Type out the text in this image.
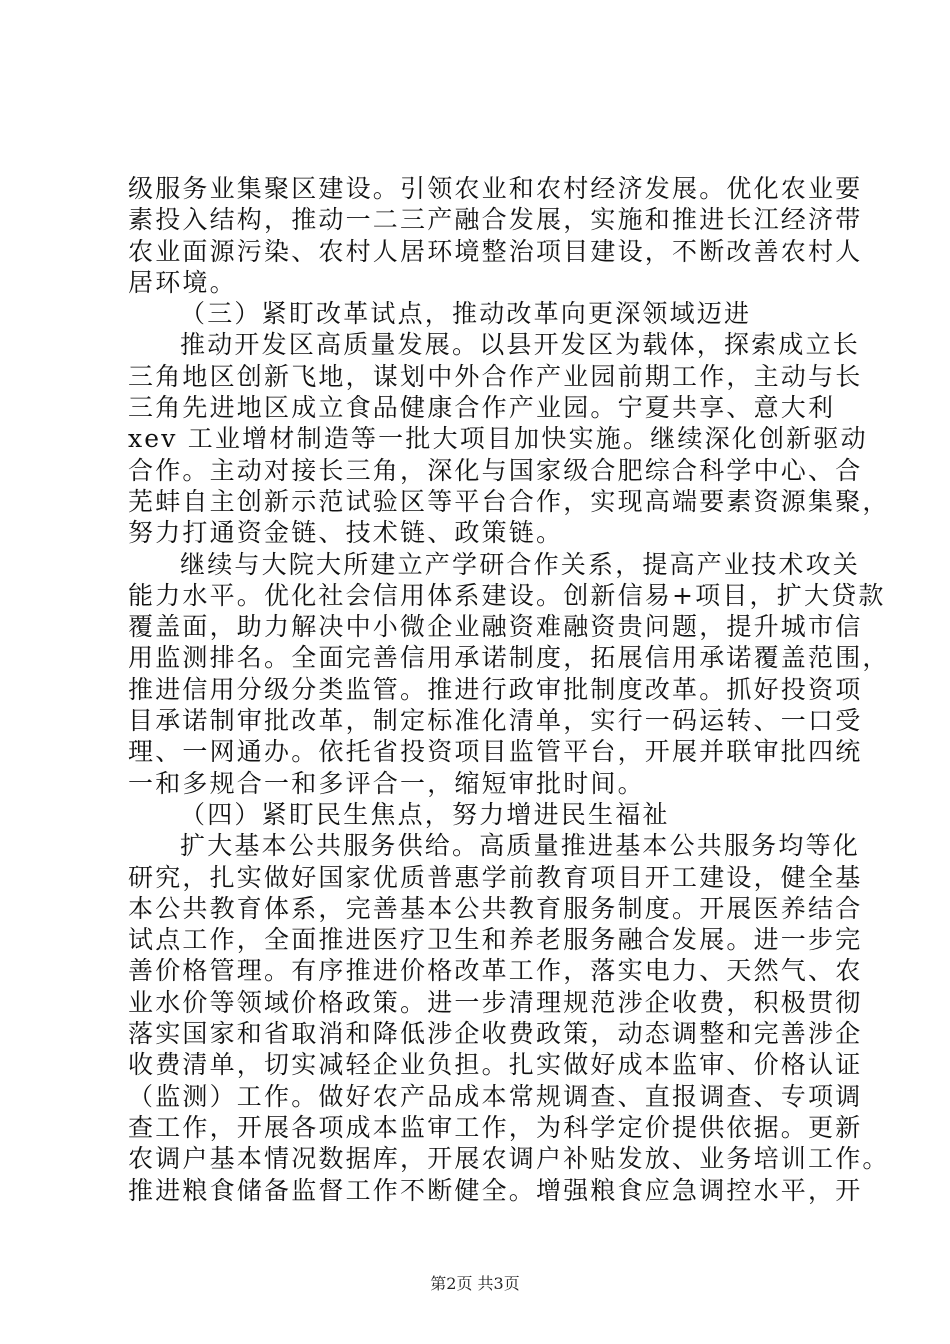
级服务业集聚区建设。引领农业和农村经济发展。优化农业要
素投入结构，推动一二三产融合发展，实施和推进长江经济带
农业面源污染、农村人居环境整治项目建设，不断改善农村人
居环境。
（三）紧盯改革试点，推动改革向更深领域迈进
推动开发区高质量发展。以县开发区为载体，探索成立长
三角地区创新飞地，谋划中外合作产业园前期工作，主动与长
三角先进地区成立食品健康合作产业园。宁夏共享、意大利
xev 工业增材制造等一批大项目加快实施。继续深化创新驱动
合作。主动对接长三角，深化与国家级合肥综合科学中心、合
芜蚌自主创新示范试验区等平台合作，实现高端要素资源集聚，
努力打通资金链、技术链、政策链。
继续与大院大所建立产学研合作关系，提高产业技术攻关
能力水平。优化社会信用体系建设。创新信易+项目，扩大贷款
覆盖面，助力解决中小微企业融资难融资贵问题，提升城市信
用监测排名。全面完善信用承诺制度，拓展信用承诺覆盖范围，
推进信用分级分类监管。推进行政审批制度改革。抓好投资项
目承诺制审批改革，制定标准化清单，实行一码运转、一口受
理、一网通办。依托省投资项目监管平台，开展并联审批四统
一和多规合一和多评合一，缩短审批时间。
（四）紧盯民生焦点，努力增进民生福祉
扩大基本公共服务供给。高质量推进基本公共服务均等化
研究，扎实做好国家优质普惠学前教育项目开工建设，健全基
本公共教育体系，完善基本公共教育服务制度。开展医养结合
试点工作，全面推进医疗卫生和养老服务融合发展。进一步完
善价格管理。有序推进价格改革工作，落实电力、天然气、农
业水价等领域价格政策。进一步清理规范涉企收费，积极贯彻
落实国家和省取消和降低涉企收费政策，动态调整和完善涉企
收费清单，切实减轻企业负担。扎实做好成本监审、价格认证
（监测）工作。做好农产品成本常规调查、直报调查、专项调
查工作，开展各项成本监审工作，为科学定价提供依据。更新
农调户基本情况数据库，开展农调户补贴发放、业务培训工作。
推进粮食储备监督工作不断健全。增强粮食应急调控水平，开
第2页 共3页
